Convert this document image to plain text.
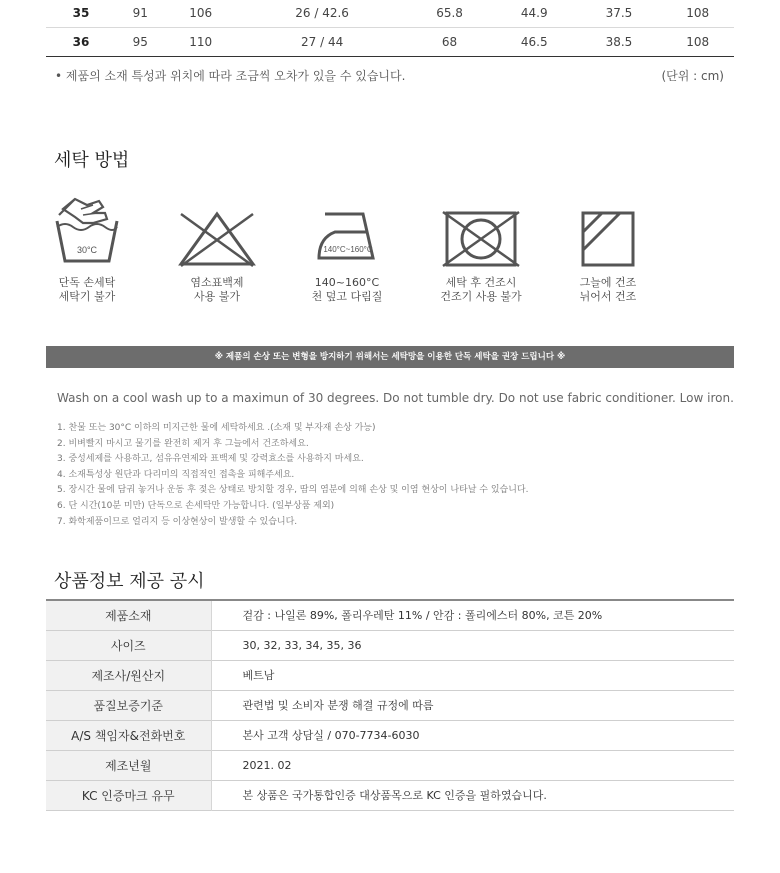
35	91	106	26 / 42.6	65.8	44.9	37.5	108
36	95	110	27 / 44	68	46.5	38.5	108
• 제품의 소재 특성과 위치에 따라 조금씩 오차가 있을 수 있습니다.	(단위 : cm)
세탁 방법
30°C
단독 손세탁
세탁기 불가
염소표백제
사용 불가
140°C~160°C
140~160°C
천 덮고 다림질
세탁 후 건조시
건조기 사용 불가
그늘에 건조
뉘어서 건조
※ 제품의 손상 또는 변형을 방지하기 위해서는 세탁망을 이용한 단독 세탁을 권장 드립니다 ※
Wash on a cool wash up to a maximun of 30 degrees. Do not tumble dry. Do not use fabric conditioner. Low iron.
1. 찬물 또는 30°C 이하의 미지근한 물에 세탁하세요 .(소재 및 부자재 손상 가능)
2. 비벼빨지 마시고 물기를 완전히 제거 후 그늘에서 건조하세요.
3. 중성세제를 사용하고, 섬유유연제와 표백제 및 강력효소를 사용하지 마세요.
4. 소재특성상 원단과 다리미의 직접적인 접촉을 피해주세요.
5. 장시간 물에 담궈 놓거나 운동 후 젖은 상태로 방치할 경우, 땀의 염분에 의해 손상 및 이염 현상이 나타날 수 있습니다.
6. 단 시간(10분 미만) 단독으로 손세탁만 가능합니다. (일부상품 제외)
7. 화학제품이므로 얼리지 등 이상현상이 발생할 수 있습니다.
상품정보 제공 공시
제품소재	겉감 : 나일론 89%, 폴리우레탄 11% / 안감 : 폴리에스터 80%, 코튼 20%
사이즈	30, 32, 33, 34, 35, 36
제조사/원산지	베트남
품질보증기준	관련법 및 소비자 분쟁 해결 규정에 따름
A/S 책임자&전화번호	본사 고객 상담실 / 070-7734-6030
제조년월	2021. 02
KC 인증마크 유무	본 상품은 국가통합인증 대상품목으로 KC 인증을 필하였습니다.
